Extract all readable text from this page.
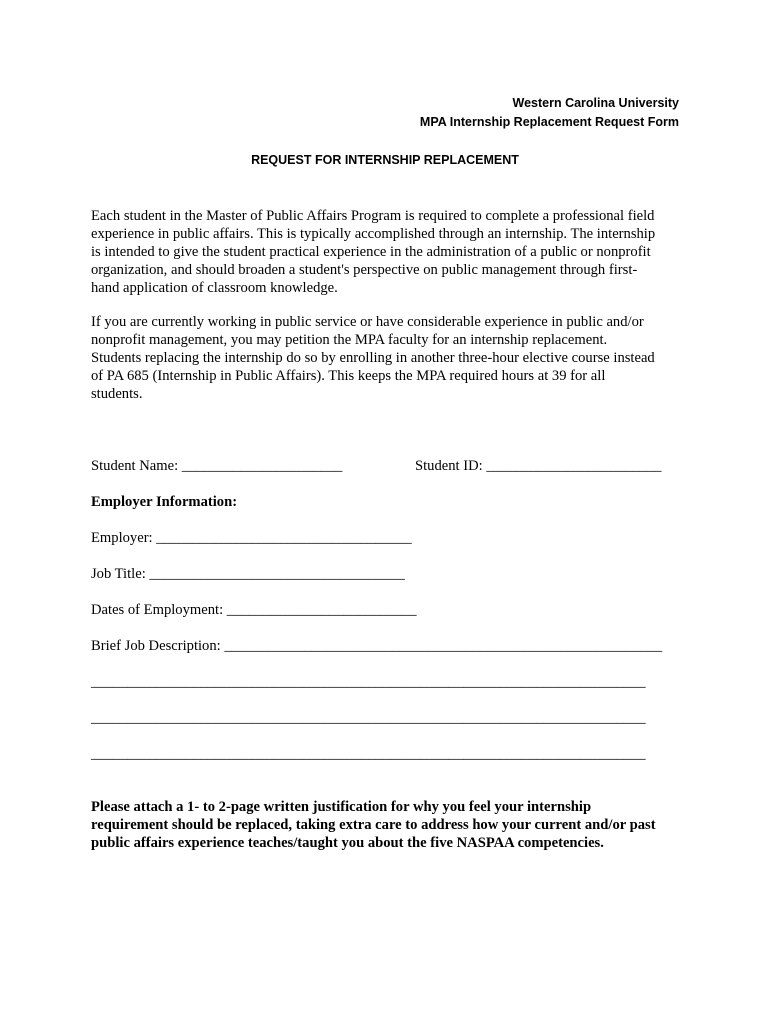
Western Carolina University
MPA Internship Replacement Request Form
REQUEST FOR INTERNSHIP REPLACEMENT

Each student in the Master of Public Affairs Program is required to complete a professional field
experience in public affairs. This is typically accomplished through an internship. The internship
is intended to give the student practical experience in the administration of a public or nonprofit
organization, and should broaden a student's perspective on public management through first-
hand application of classroom knowledge.

If you are currently working in public service or have considerable experience in public and/or
nonprofit management, you may petition the MPA faculty for an internship replacement.
Students replacing the internship do so by enrolling in another three-hour elective course instead
of PA 685 (Internship in Public Affairs). This keeps the MPA required hours at 39 for all
students.

Student Name: ______________________	Student ID: ________________________
Employer Information:
Employer: ___________________________________
Job Title: ___________________________________
Dates of Employment: __________________________
Brief Job Description: ____________________________________________________________
____________________________________________________________________________
____________________________________________________________________________
____________________________________________________________________________
Please attach a 1- to 2-page written justification for why you feel your internship
requirement should be replaced, taking extra care to address how your current and/or past
public affairs experience teaches/taught you about the five NASPAA competencies.
